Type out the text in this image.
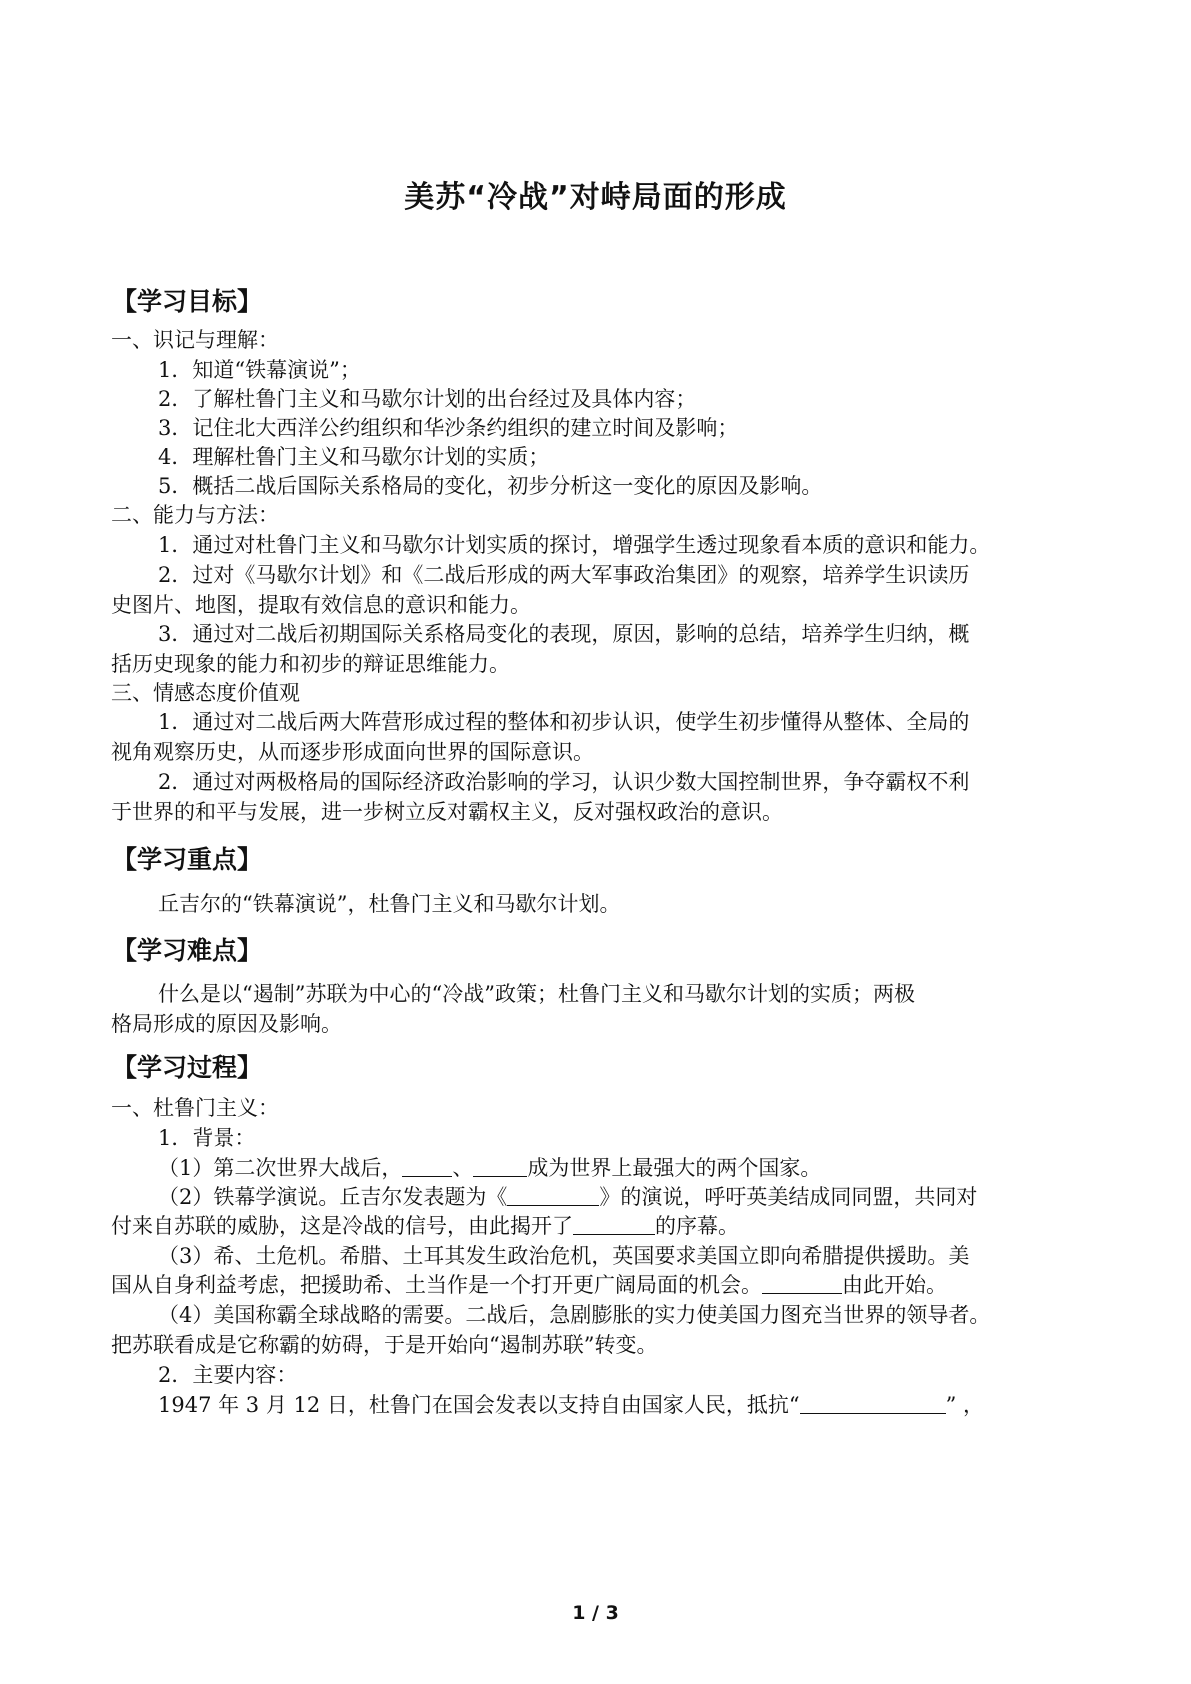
美苏“冷战”对峙局面的形成
【学习目标】
一、识记与理解：
1．知道“铁幕演说”；
2．了解杜鲁门主义和马歇尔计划的出台经过及具体内容；
3．记住北大西洋公约组织和华沙条约组织的建立时间及影响；
4．理解杜鲁门主义和马歇尔计划的实质；
5．概括二战后国际关系格局的变化，初步分析这一变化的原因及影响。
二、能力与方法：
1．通过对杜鲁门主义和马歇尔计划实质的探讨，增强学生透过现象看本质的意识和能力。
2．过对《马歇尔计划》和《二战后形成的两大军事政治集团》的观察，培养学生识读历
史图片、地图，提取有效信息的意识和能力。
3．通过对二战后初期国际关系格局变化的表现，原因，影响的总结，培养学生归纳，概
括历史现象的能力和初步的辩证思维能力。
三、情感态度价值观
1．通过对二战后两大阵营形成过程的整体和初步认识，使学生初步懂得从整体、全局的
视角观察历史，从而逐步形成面向世界的国际意识。
2．通过对两极格局的国际经济政治影响的学习，认识少数大国控制世界，争夺霸权不利
于世界的和平与发展，进一步树立反对霸权主义，反对强权政治的意识。
【学习重点】
丘吉尔的“铁幕演说”，杜鲁门主义和马歇尔计划。
【学习难点】
什么是以“遏制”苏联为中心的“冷战”政策；杜鲁门主义和马歇尔计划的实质；两极
格局形成的原因及影响。
【学习过程】
一、杜鲁门主义：
1．背景：
（1）第二次世界大战后， 、	成为世界上最强大的两个国家。
（2）铁幕学演说。丘吉尔发表题为《	》的演说，呼吁英美结成同同盟，共同对
付来自苏联的威胁，这是冷战的信号，由此揭开了	的序幕。
（3）希、土危机。希腊、土耳其发生政治危机，英国要求美国立即向希腊提供援助。美
国从自身利益考虑，把援助希、土当作是一个打开更广阔局面的机会。	由此开始。
（4）美国称霸全球战略的需要。二战后，急剧膨胀的实力使美国力图充当世界的领导者。
把苏联看成是它称霸的妨碍，于是开始向“遏制苏联”转变。
2．主要内容：
1947 年 3 月 12 日，杜鲁门在国会发表以支持自由国家人民，抵抗“	” ，
1 / 3
